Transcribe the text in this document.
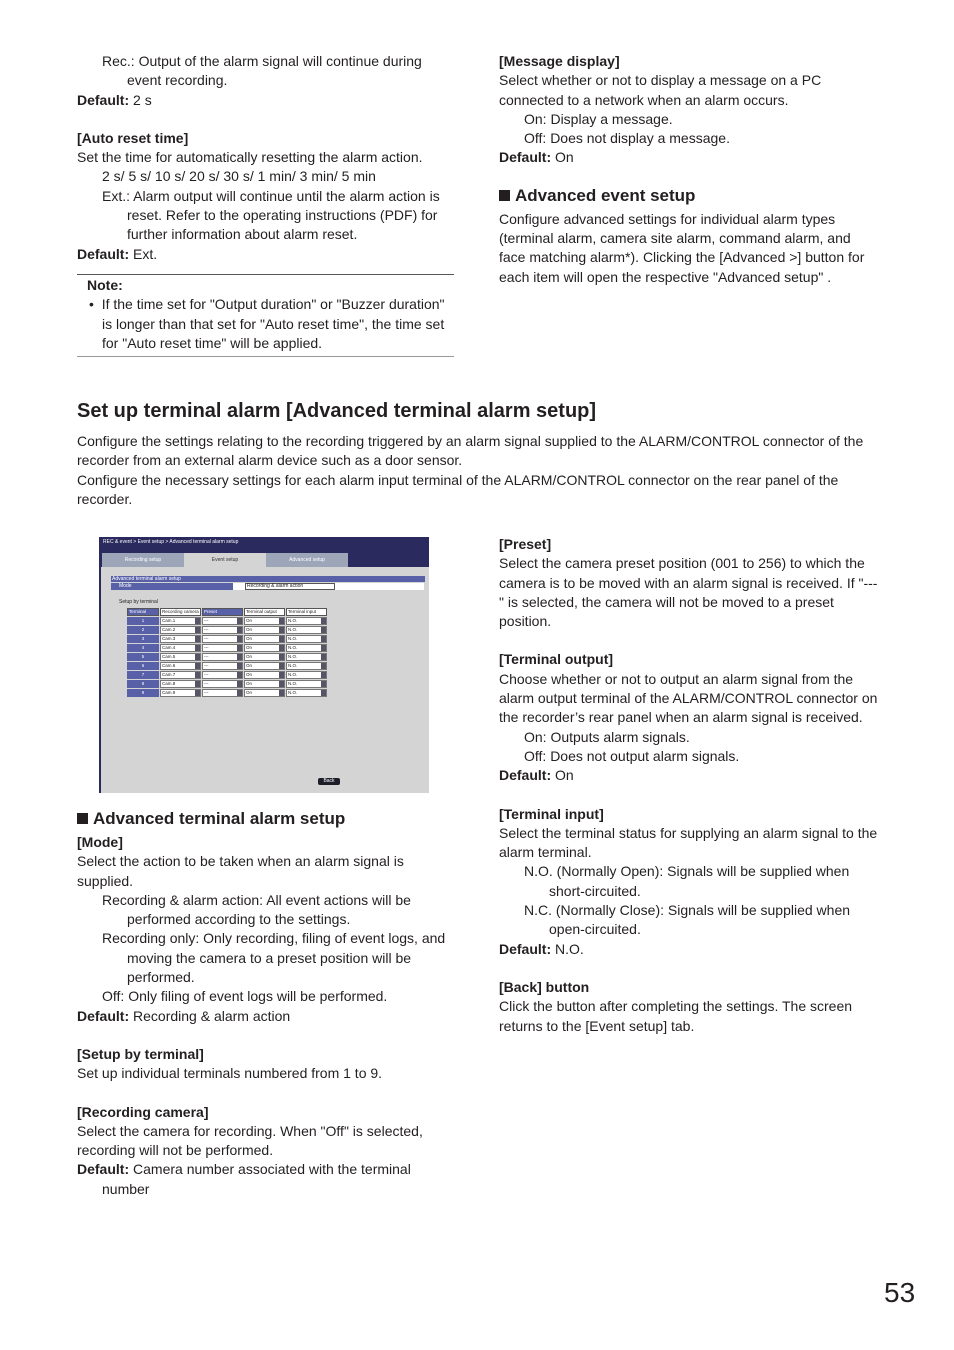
Rec.: Output of the alarm signal will continue during event recording.

Default: 2 s

[Auto reset time]

Set the time for automatically resetting the alarm action.

2 s/ 5 s/ 10 s/ 20 s/ 30 s/ 1 min/ 3 min/ 5 min

Ext.: Alarm output will continue until the alarm action is reset. Refer to the operating instructions (PDF) for further information about alarm reset.

Default: Ext.

Note:

•  If the time set for "Output duration" or "Buzzer duration" is longer than that set for "Auto reset time", the time set for "Auto reset time" will be applied.

[Message display]

Select whether or not to display a message on a PC connected to a network when an alarm occurs.

On: Display a message.

Off: Does not display a message.

Default: On

Advanced event setup

Configure advanced settings for individual alarm types (terminal alarm, camera site alarm, command alarm, and face matching alarm*). Clicking the [Advanced >] button for each item will open the respective "Advanced setup" .

Set up terminal alarm [Advanced terminal alarm setup]

Configure the settings relating to the recording triggered by an alarm signal supplied to the ALARM/CONTROL connector of the recorder from an external alarm device such as a door sensor.

Configure the necessary settings for each alarm input terminal of the ALARM/CONTROL connector on the rear panel of the recorder.

REC & event > Event setup > Advanced terminal alarm setup
Recording setup	Event setup	Advanced setup
Advanced terminal alarm setup
Mode	Recording & alarm action
Setup by terminal
Terminal	Recording camera	Preset	Terminal output	Terminal input
1	Cam.1	---	On	N.O.
2	Cam.2	---	On	N.O.
3	Cam.3	---	On	N.O.
4	Cam.4	---	On	N.O.
5	Cam.5	---	On	N.O.
6	Cam.6	---	On	N.O.
7	Cam.7	---	On	N.O.
8	Cam.8	---	On	N.O.
9	Cam.9	---	On	N.O.
Back

Advanced terminal alarm setup

[Mode]

Select the action to be taken when an alarm signal is supplied.

Recording & alarm action: All event actions will be performed according to the settings.

Recording only: Only recording, filing of event logs, and moving the camera to a preset position will be performed.

Off: Only filing of event logs will be performed.

Default: Recording & alarm action

[Setup by terminal]

Set up individual terminals numbered from 1 to 9.

[Recording camera]

Select the camera for recording. When "Off" is selected, recording will not be performed.

Default: Camera number associated with the terminal number

[Preset]

Select the camera preset position (001 to 256) to which the camera is to be moved with an alarm signal is received. If "---" is selected, the camera will not be moved to a preset position.

[Terminal output]

Choose whether or not to output an alarm signal from the alarm output terminal of the ALARM/CONTROL connector on the recorder’s rear panel when an alarm signal is received.

On: Outputs alarm signals.

Off: Does not output alarm signals.

Default: On

[Terminal input]

Select the terminal status for supplying an alarm signal to the alarm terminal.

N.O. (Normally Open): Signals will be supplied when short-circuited.

N.C. (Normally Close): Signals will be supplied when open-circuited.

Default: N.O.

[Back] button

Click the button after completing the settings. The screen returns to the [Event setup] tab.

53
